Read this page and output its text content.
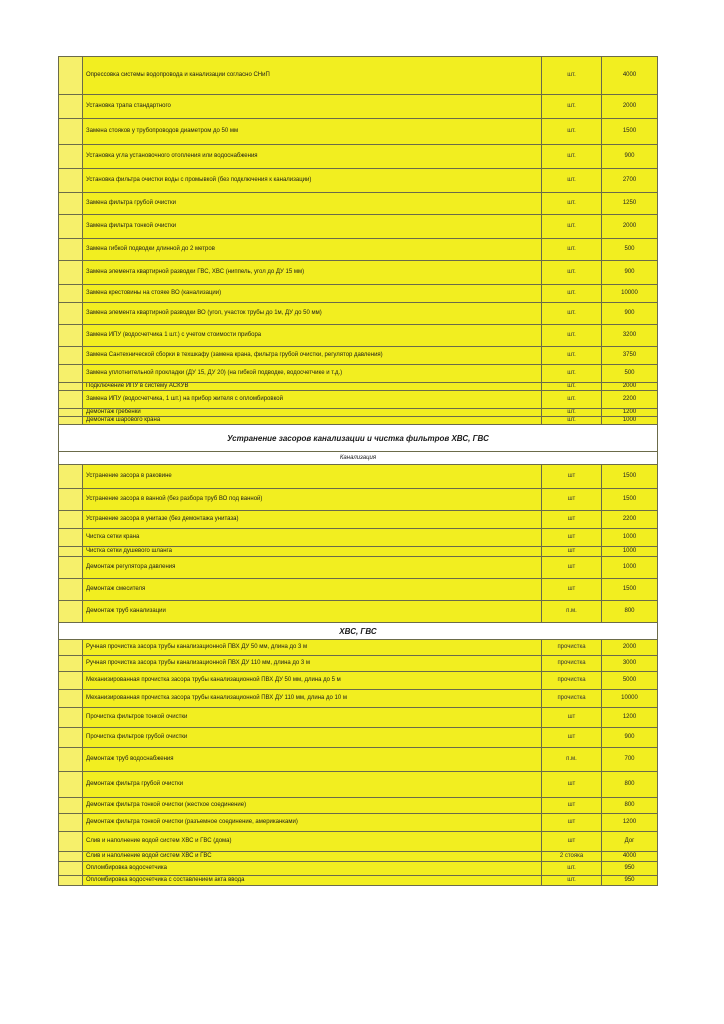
	Опрессовка системы водопровода и канализации согласно СНиП	шт.	4000
	Установка трапа стандартного	шт.	2000
	Замена стояков у трубопроводов диаметром до 50 мм	шт.	1500
	Установка угла установочного отопления или водоснабжения	шт.	900
	Установка фильтра очистки воды с промывкой (без подключения к канализации)	шт.	2700
	Замена фильтра грубой очистки	шт.	1250
	Замена фильтра тонкой очистки	шт.	2000
	Замена гибкой подводки длинной до 2 метров	шт.	500
	Замена элемента квартирной разводки ГВС, ХВС (ниппель, угол до ДУ 15 мм)	шт.	900
	Замена крестовины на стояке ВО (канализации)	шт.	10000
	Замена элемента квартирной разводки ВО (угол, участок трубы до 1м, ДУ до 50 мм)	шт.	900
	Замена ИПУ (водосчетчика 1 шт.) с учетом стоимости прибора	шт.	3200
	Замена Сантехнической сборки в техшкафу (замена крана, фильтра грубой очистки, регулятор давления)	шт.	3750
	Замена уплотнительной прокладки (ДУ 15, ДУ 20) (на гибкой подводке, водосчетчике и т.д.)	шт.	500
	Подключение ИПУ в систему АСКУВ	шт.	2000
	Замена ИПУ (водосчетчика, 1 шт.) на прибор жителя с опломбировкой	шт.	2200
	Демонтаж гребенки	шт.	1200
	Демонтаж шарового крана	шт.	1000
Устранение засоров канализации и чистка фильтров ХВС, ГВС			
Канализация			
	Устранение засора в раковине	шт	1500
	Устранение засора в ванной (без разбора труб ВО под ванной)	шт	1500
	Устранение засора в унитазе (без демонтажа унитаза)	шт	2200
	Чистка сетки крана	шт	1000
	Чистка сетки душевого шланга	шт	1000
	Демонтаж регулятора давления	шт	1000
	Демонтаж смесителя	шт	1500
	Демонтаж труб канализации	п.м.	800
ХВС, ГВС			
	Ручная прочистка засора трубы канализационной ПВХ ДУ 50 мм, длина до 3 м	прочистка	2000
	Ручная прочистка засора трубы канализационной ПВХ ДУ 110 мм, длина до 3 м	прочистка	3000
	Механизированная прочистка засора трубы канализационной ПВХ ДУ 50 мм, длина до 5 м	прочистка	5000
	Механизированная прочистка засора трубы канализационной ПВХ ДУ 110 мм, длина до 10 м	прочистка	10000
	Прочистка фильтров тонкой очистки	шт	1200
	Прочистка фильтров грубой очистки	шт	900
	Демонтаж труб водоснабжения	п.м.	700
	Демонтаж фильтра грубой очистки	шт	800
	Демонтаж фильтра тонкой очистки (жесткое соединение)	шт	800
	Демонтаж фильтра тонкой очистки (разъемное соединение, американками)	шт	1200
	Слив и наполнение водой систем ХВС и ГВС (дома)	шт	Дог
	Слив и наполнение водой систем ХВС и ГВС	2 стояка	4000
	Опломбировка водосчетчика	шт.	950
	Опломбировка водосчетчика с составлением акта ввода	шт.	950
